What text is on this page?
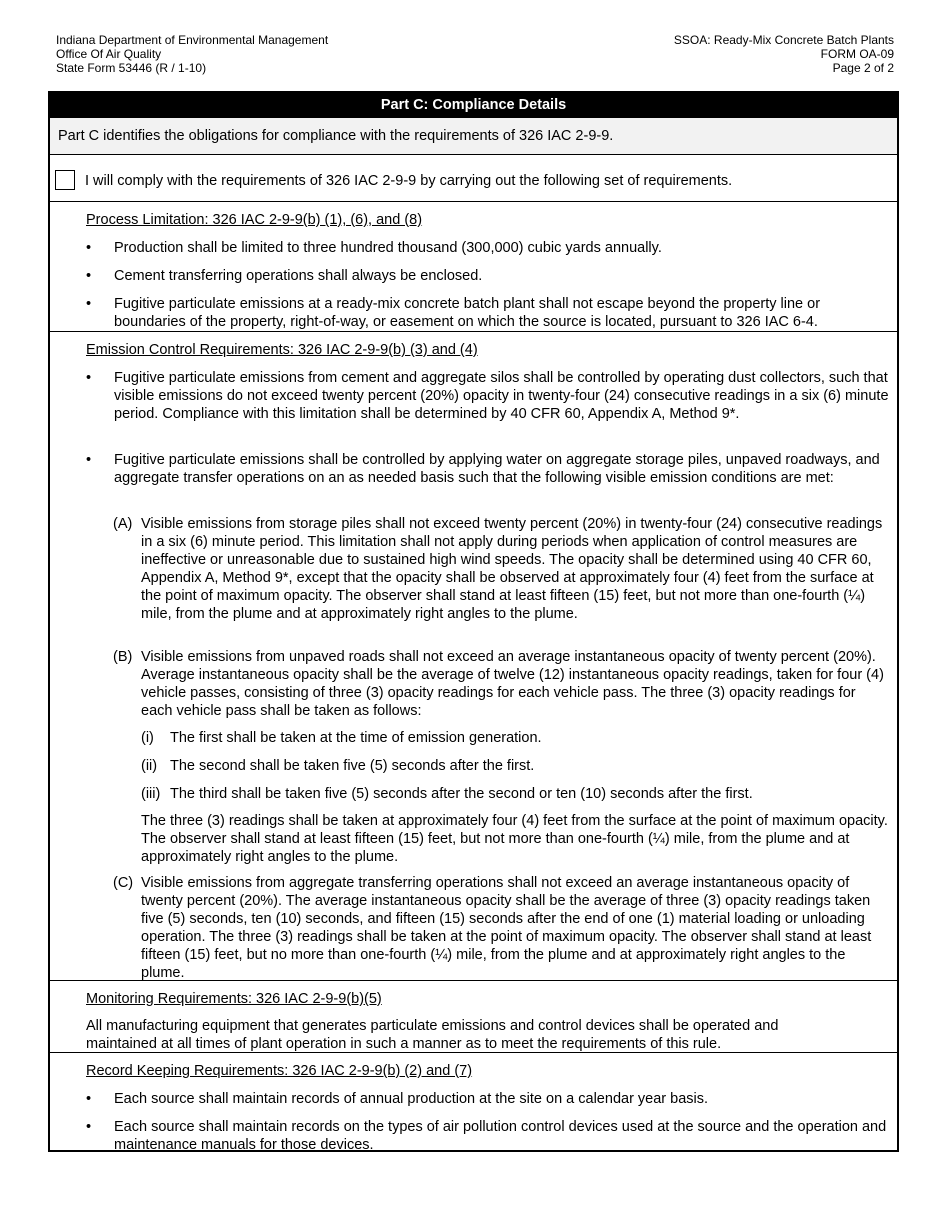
Indiana Department of Environmental Management
Office Of Air Quality
State Form 53446 (R / 1-10)
SSOA: Ready-Mix Concrete Batch Plants
FORM OA-09
Page 2 of 2
Part C: Compliance Details
Part C identifies the obligations for compliance with the requirements of 326 IAC 2-9-9.
I will comply with the requirements of 326 IAC 2-9-9 by carrying out the following set of requirements.
Process Limitation: 326 IAC 2-9-9(b) (1), (6), and (8)
• Production shall be limited to three hundred thousand (300,000) cubic yards annually.
• Cement transferring operations shall always be enclosed.
• Fugitive particulate emissions at a ready-mix concrete batch plant shall not escape beyond the property line or boundaries of the property, right-of-way, or easement on which the source is located, pursuant to 326 IAC 6-4.
Emission Control Requirements: 326 IAC 2-9-9(b) (3) and (4)
• Fugitive particulate emissions from cement and aggregate silos shall be controlled by operating dust collectors, such that visible emissions do not exceed twenty percent (20%) opacity in twenty-four (24) consecutive readings in a six (6) minute period. Compliance with this limitation shall be determined by 40 CFR 60, Appendix A, Method 9*.
• Fugitive particulate emissions shall be controlled by applying water on aggregate storage piles, unpaved roadways, and aggregate transfer operations on an as needed basis such that the following visible emission conditions are met:
(A) Visible emissions from storage piles shall not exceed twenty percent (20%) in twenty-four (24) consecutive readings in a six (6) minute period. This limitation shall not apply during periods when application of control measures are ineffective or unreasonable due to sustained high wind speeds. The opacity shall be determined using 40 CFR 60, Appendix A, Method 9*, except that the opacity shall be observed at approximately four (4) feet from the surface at the point of maximum opacity. The observer shall stand at least fifteen (15) feet, but not more than one-fourth (¼) mile, from the plume and at approximately right angles to the plume.
(B) Visible emissions from unpaved roads shall not exceed an average instantaneous opacity of twenty percent (20%). Average instantaneous opacity shall be the average of twelve (12) instantaneous opacity readings, taken for four (4) vehicle passes, consisting of three (3) opacity readings for each vehicle pass. The three (3) opacity readings for each vehicle pass shall be taken as follows:
(i) The first shall be taken at the time of emission generation.
(ii) The second shall be taken five (5) seconds after the first.
(iii) The third shall be taken five (5) seconds after the second or ten (10) seconds after the first.
The three (3) readings shall be taken at approximately four (4) feet from the surface at the point of maximum opacity. The observer shall stand at least fifteen (15) feet, but not more than one-fourth (¼) mile, from the plume and at approximately right angles to the plume.
(C) Visible emissions from aggregate transferring operations shall not exceed an average instantaneous opacity of twenty percent (20%). The average instantaneous opacity shall be the average of three (3) opacity readings taken five (5) seconds, ten (10) seconds, and fifteen (15) seconds after the end of one (1) material loading or unloading operation. The three (3) readings shall be taken at the point of maximum opacity. The observer shall stand at least fifteen (15) feet, but no more than one-fourth (¼) mile, from the plume and at approximately right angles to the plume.
Monitoring Requirements: 326 IAC 2-9-9(b)(5)
All manufacturing equipment that generates particulate emissions and control devices shall be operated and maintained at all times of plant operation in such a manner as to meet the requirements of this rule.
Record Keeping Requirements: 326 IAC 2-9-9(b) (2) and (7)
• Each source shall maintain records of annual production at the site on a calendar year basis.
• Each source shall maintain records on the types of air pollution control devices used at the source and the operation and maintenance manuals for those devices.
